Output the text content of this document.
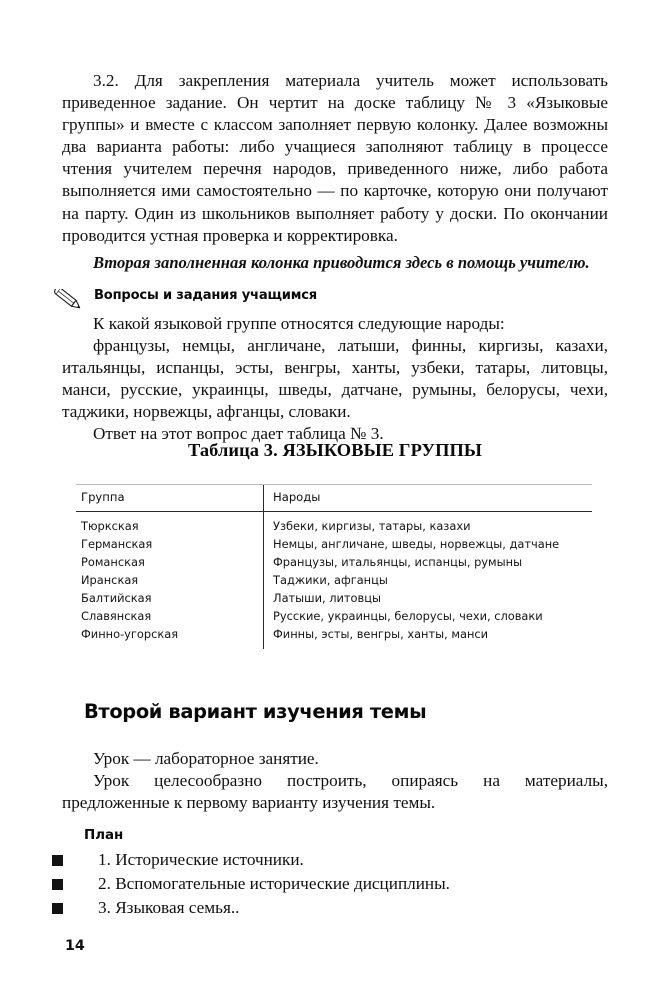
3.2. Для закрепления материала учитель может использовать приведенное задание. Он чертит на доске таблицу № 3 «Языковые группы» и вместе с классом заполняет первую колонку. Далее возможны два варианта работы: либо учащиеся заполняют таблицу в процессе чтения учителем перечня народов, приведенного ниже, либо работа выполняется ими самостоятельно — по карточке, которую они получают на парту. Один из школьников выполняет работу у доски. По окончании проводится устная проверка и корректировка.

Вторая заполненная колонка приводится здесь в помощь учителю.

Вопросы и задания учащимся

К какой языковой группе относятся следующие народы:

французы, немцы, англичане, латыши, финны, киргизы, казахи, итальянцы, испанцы, эсты, венгры, ханты, узбеки, татары, литовцы, манси, русские, украинцы, шведы, датчане, румыны, белорусы, чехи, таджики, норвежцы, афганцы, словаки.

Ответ на этот вопрос дает таблица № 3.

Таблица 3. ЯЗЫКОВЫЕ ГРУППЫ
Группа	Народы
Тюркская	Узбеки, киргизы, татары, казахи
Германская	Немцы, англичане, шведы, норвежцы, датчане
Романская	Французы, итальянцы, испанцы, румыны
Иранская	Таджики, афганцы
Балтийская	Латыши, литовцы
Славянская	Русские, украинцы, белорусы, чехи, словаки
Финно-угорская	Финны, эсты, венгры, ханты, манси
Второй вариант изучения темы

Урок — лабораторное занятие.

Урок целесообразно построить, опираясь на материалы, предложенные к первому варианту изучения темы.

План
1. Исторические источники.
2. Вспомогательные исторические дисциплины.
3. Языковая семья..
14
